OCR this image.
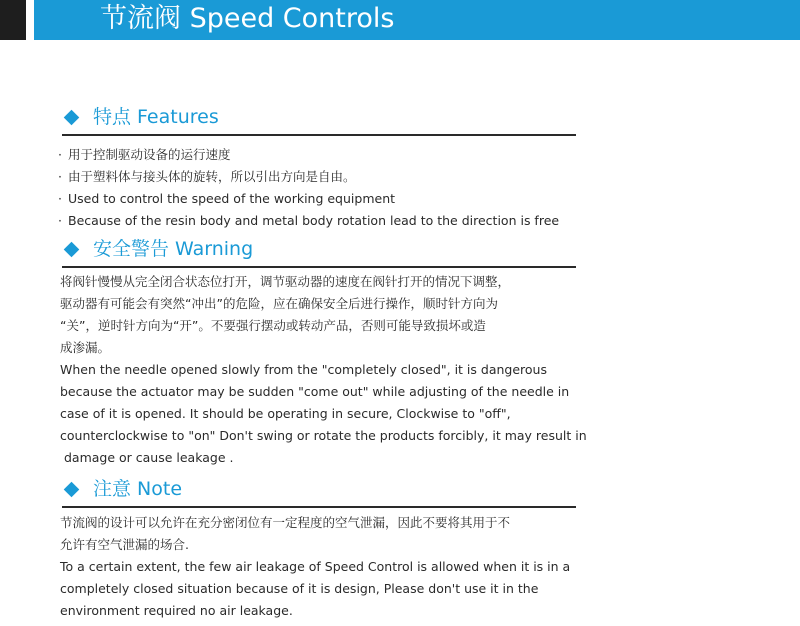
节流阀 Speed Controls
特点 Features
· 用于控制驱动设备的运行速度
· 由于塑料体与接头体的旋转，所以引出方向是自由。
· Used to control the speed of the working equipment
· Because of the resin body and metal body rotation lead to the direction is free
安全警告 Warning
将阀针慢慢从完全闭合状态位打开，调节驱动器的速度在阀针打开的情况下调整，
驱动器有可能会有突然“冲出”的危险，应在确保安全后进行操作，顺时针方向为
“关”，逆时针方向为“开”。不要强行摆动或转动产品，否则可能导致损坏或造
成渗漏。
When the needle opened slowly from the "completely closed", it is dangerous
because the actuator may be sudden "come out" while adjusting of the needle in
case of it is opened. It should be operating in secure, Clockwise to "off",
counterclockwise to "on" Don't swing or rotate the products forcibly, it may result in
damage or cause leakage .
注意 Note
节流阀的设计可以允许在充分密闭位有一定程度的空气泄漏，因此不要将其用于不
允许有空气泄漏的场合.
To a certain extent, the few air leakage of Speed Control is allowed when it is in a
completely closed situation because of it is design, Please don't use it in the
environment required no air leakage.
